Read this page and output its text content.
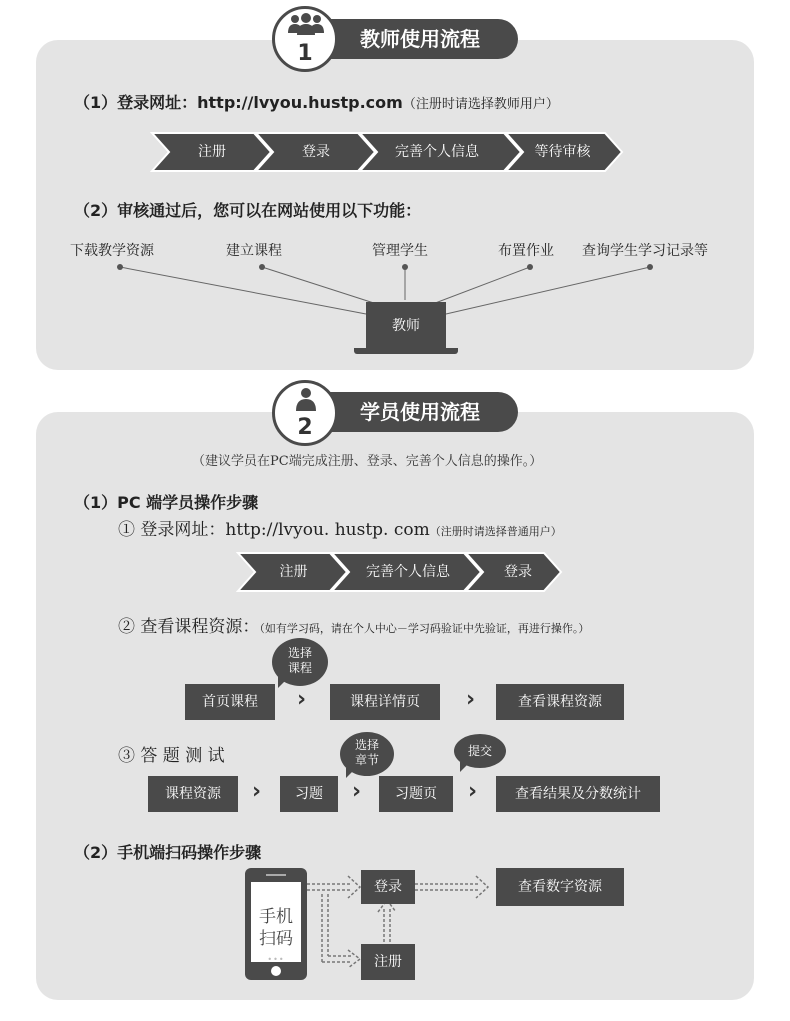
教师使用流程
1
（1）登录网址：http://lvyou.hustp.com（注册时请选择教师用户）
注册	登录	完善个人信息	等待审核
（2）审核通过后，您可以在网站使用以下功能：
下载教学资源	建立课程	管理学生	布置作业 查询学生学习记录等
教师
学员使用流程
2
（建议学员在PC端完成注册、登录、完善个人信息的操作。）
（1）PC 端学员操作步骤
① 登录网址：http://lvyou. hustp. com（注册时请选择普通用户）
注册	完善个人信息	登录
② 查看课程资源：（如有学习码，请在个人中心－学习码验证中先验证，再进行操作。）
选择
课程
首页课程	›	课程详情页	›	查看课程资源
③ 答 题 测 试
选择
章节
提交
课程资源	›	习题	›	习题页	›	查看结果及分数统计
（2）手机端扫码操作步骤
手机
扫码
•••
登录
注册
查看数字资源
